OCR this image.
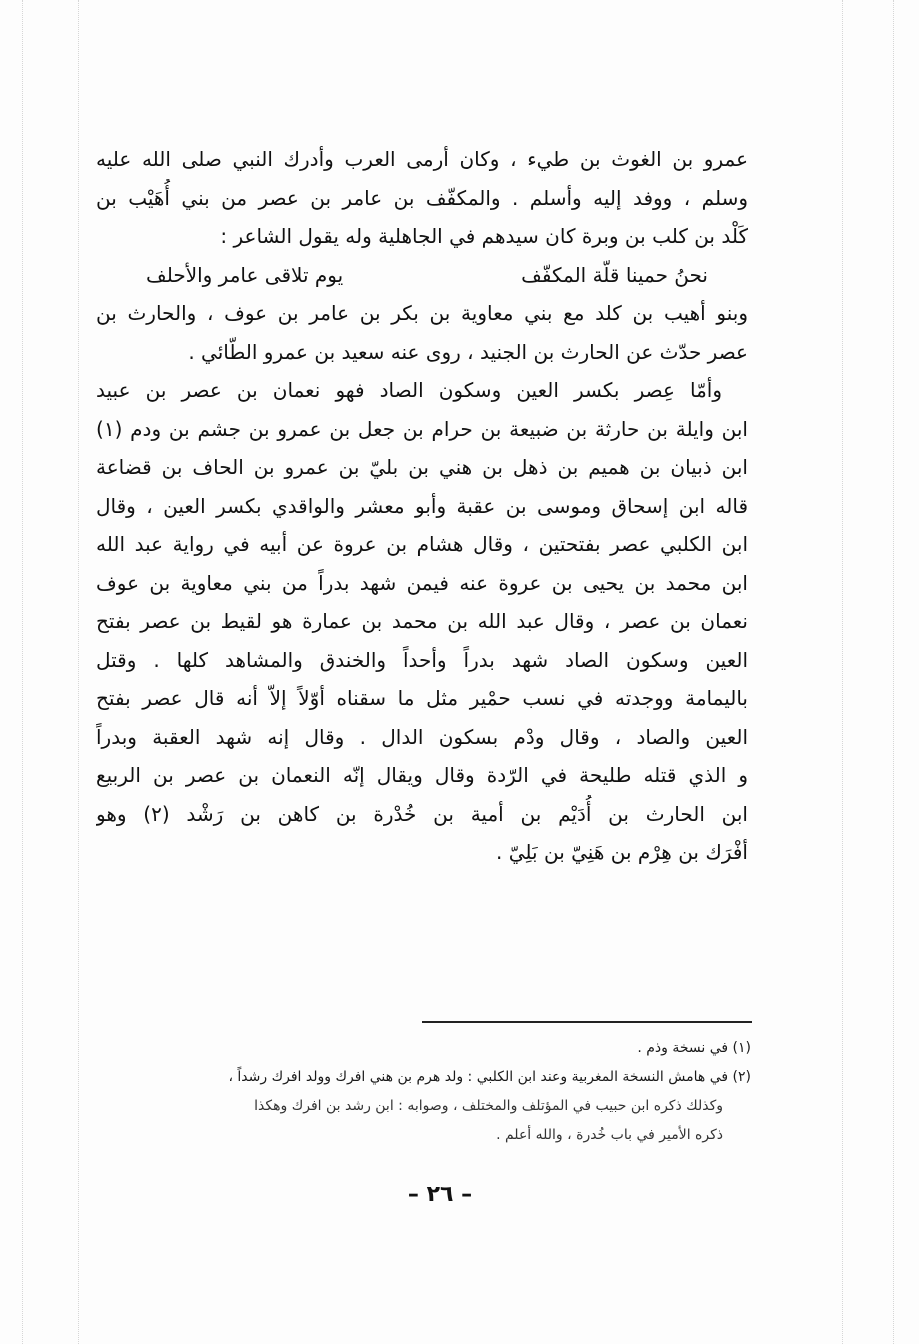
عمرو بن الغوث بن طيء ، وكان أرمى العرب وأدرك النبي صلى الله عليه
وسلم ، ووفد إليه وأسلم . والمكفّف بن عامر بن عصر من بني أُهَيْب بن
كَلْد بن كلب بن وبرة كان سيدهم في الجاهلية وله يقول الشاعر :
نحنُ حمينا قلّة المكفّف
يوم تلاقى عامر والأحلف
وبنو أهيب بن كلد مع بني معاوية بن بكر بن عامر بن عوف ، والحارث بن
عصر حدّث عن الحارث بن الجنيد ، روى عنه سعيد بن عمرو الطّائي .
وأمّا عِصر بكسر العين وسكون الصاد فهو نعمان بن عصر بن عبيد
ابن وايلة بن حارثة بن ضبيعة بن حرام بن جعل بن عمرو بن جشم بن ودم (١)
ابن ذبيان بن هميم بن ذهل بن هني بن بليّ بن عمرو بن الحاف بن قضاعة
قاله ابن إسحاق وموسى بن عقبة وأبو معشر والواقدي بكسر العين ، وقال
ابن الكلبي عصر بفتحتين ، وقال هشام بن عروة عن أبيه في رواية عبد الله
ابن محمد بن يحيى بن عروة عنه فيمن شهد بدراً من بني معاوية بن عوف
نعمان بن عصر ، وقال عبد الله بن محمد بن عمارة هو لقيط بن عصر بفتح
العين وسكون الصاد شهد بدراً وأحداً والخندق والمشاهد كلها . وقتل
باليمامة ووجدته في نسب حمْير مثل ما سقناه أوّلاً إلاّ أنه قال عصر بفتح
العين والصاد ، وقال ودْم بسكون الدال . وقال إنه شهد العقبة وبدراً
و الذي قتله طليحة في الرّدة وقال ويقال إنّه النعمان بن عصر بن الربيع
ابن الحارث بن أُدَيْم بن أمية بن خُدْرة بن كاهن بن رَشْد (٢) وهو
أفْرَك بن هِرْم بن هَنِيّ بن بَلِيّ .
(١) في نسخة وذم .
(٢) في هامش النسخة المغربية وعند ابن الكلبي : ولد هرم بن هني افرك وولد افرك رشداً ،
وكذلك ذكره ابن حبيب في المؤتلف والمختلف ، وصوابه : ابن رشد بن افرك وهكذا
ذكره الأمير في باب خُدرة ، والله أعلم .
– ٢٦ –
